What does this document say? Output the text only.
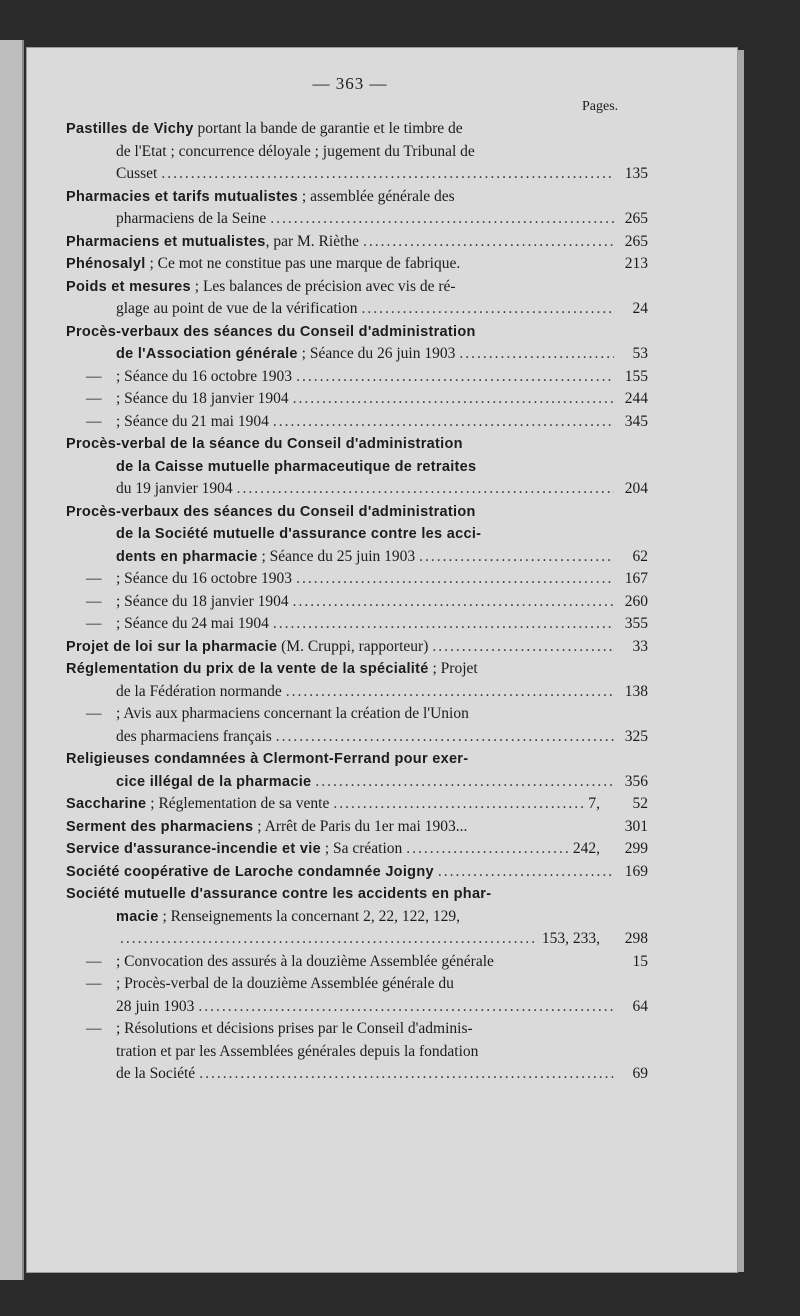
— 363 —
Pages.
Pastilles de Vichy portant la bande de garantie et le timbre de
de l'Etat ; concurrence déloyale ; jugement du Tribunal de
Cusset .....	135
Pharmacies et tarifs mutualistes ; assemblée générale des
pharmaciens de la Seine .....	265
Pharmaciens et mutualistes, par M. Rièthe .....	265
Phénosalyl ; Ce mot ne constitue pas une marque de fabrique.	213
Poids et mesures ; Les balances de précision avec vis de ré-
glage au point de vue de la vérification .....	24
Procès-verbaux des séances du Conseil d'administration
de l'Association générale ; Séance du 26 juin 1903 .....	53
— ; Séance du 16 octobre 1903 .....	155
— ; Séance du 18 janvier 1904 .....	244
— ; Séance du 21 mai 1904 .....	345
Procès-verbal de la séance du Conseil d'administration
de la Caisse mutuelle pharmaceutique de retraites
du 19 janvier 1904 .....	204
Procès-verbaux des séances du Conseil d'administration
de la Société mutuelle d'assurance contre les acci-
dents en pharmacie ; Séance du 25 juin 1903 .....	62
— ; Séance du 16 octobre 1903 .....	167
— ; Séance du 18 janvier 1904 .....	260
— ; Séance du 24 mai 1904 .....	355
Projet de loi sur la pharmacie (M. Cruppi, rapporteur) .....	33
Réglementation du prix de la vente de la spécialité ; Projet
de la Fédération normande .....	138
— ; Avis aux pharmaciens concernant la création de l'Union
des pharmaciens français .....	325
Religieuses condamnées à Clermont-Ferrand pour exer-
cice illégal de la pharmacie .....	356
Saccharine ; Réglementation de sa vente .....	7,	52
Serment des pharmaciens ; Arrêt de Paris du 1er mai 1903...	301
Service d'assurance-incendie et vie ; Sa création .....	242,	299
Société coopérative de Laroche condamnée Joigny .....	169
Société mutuelle d'assurance contre les accidents en phar-
macie ; Renseignements la concernant 2, 22, 122, 129,
.....
153, 233,	298
— ; Convocation des assurés à la douzième Assemblée générale	15
— ; Procès-verbal de la douzième Assemblée générale du
28 juin 1903 .....	64
— ; Résolutions et décisions prises par le Conseil d'adminis-
tration et par les Assemblées générales depuis la fondation
de la Société .....	69
